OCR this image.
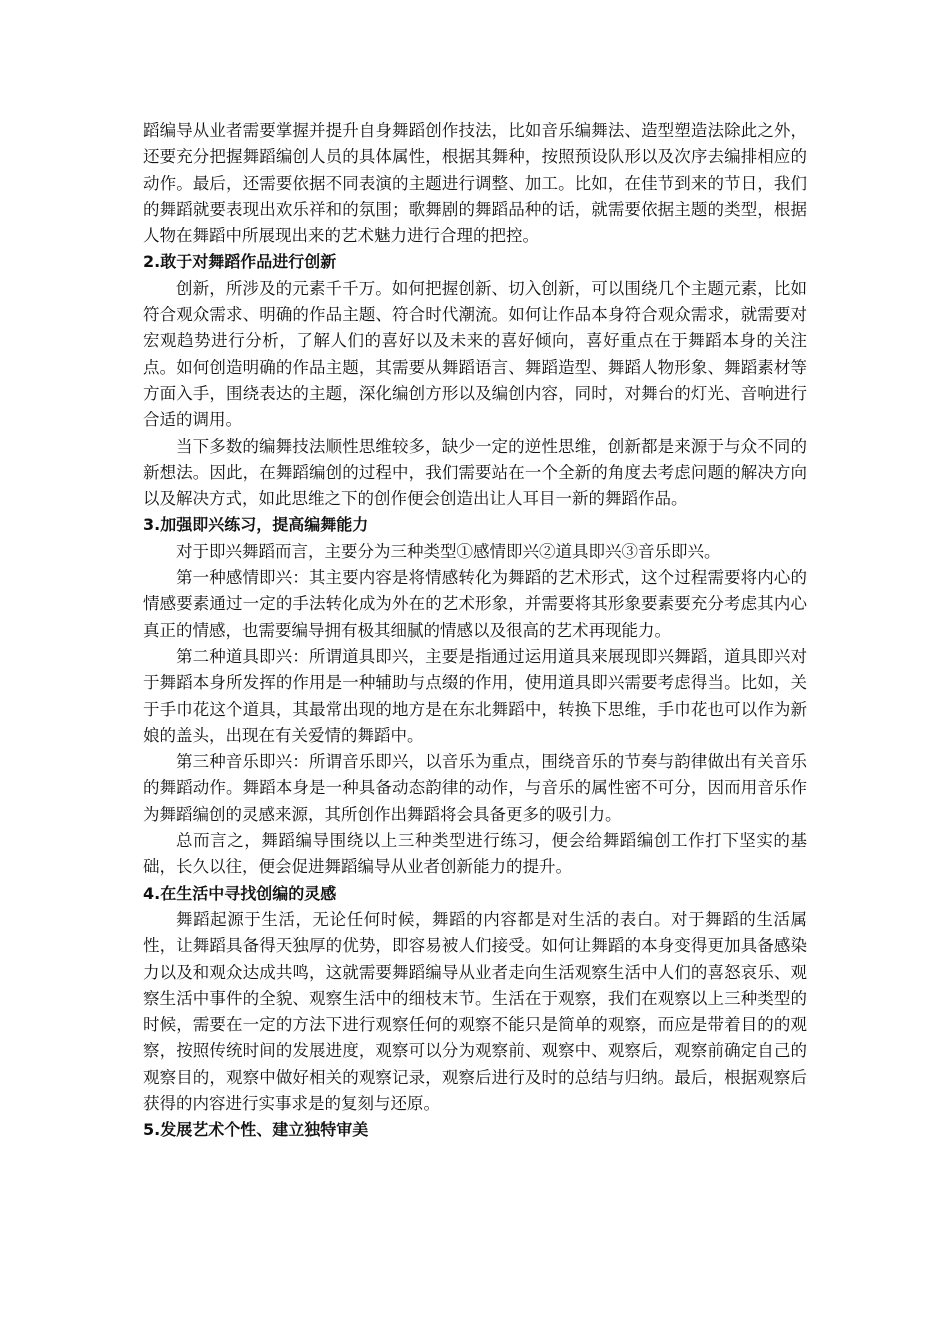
蹈编导从业者需要掌握并提升自身舞蹈创作技法，比如音乐编舞法、造型塑造法除此之外，还要充分把握舞蹈编创人员的具体属性，根据其舞种，按照预设队形以及次序去编排相应的动作。最后，还需要依据不同表演的主题进行调整、加工。比如，在佳节到来的节日，我们的舞蹈就要表现出欢乐祥和的氛围；歌舞剧的舞蹈品种的话，就需要依据主题的类型，根据人物在舞蹈中所展现出来的艺术魅力进行合理的把控。

2.敢于对舞蹈作品进行创新

创新，所涉及的元素千千万。如何把握创新、切入创新，可以围绕几个主题元素，比如符合观众需求、明确的作品主题、符合时代潮流。如何让作品本身符合观众需求，就需要对宏观趋势进行分析，了解人们的喜好以及未来的喜好倾向，喜好重点在于舞蹈本身的关注点。如何创造明确的作品主题，其需要从舞蹈语言、舞蹈造型、舞蹈人物形象、舞蹈素材等方面入手，围绕表达的主题，深化编创方形以及编创内容，同时，对舞台的灯光、音响进行合适的调用。

当下多数的编舞技法顺性思维较多，缺少一定的逆性思维，创新都是来源于与众不同的新想法。因此，在舞蹈编创的过程中，我们需要站在一个全新的角度去考虑问题的解决方向以及解决方式，如此思维之下的创作便会创造出让人耳目一新的舞蹈作品。

3.加强即兴练习，提高编舞能力

对于即兴舞蹈而言，主要分为三种类型①感情即兴②道具即兴③音乐即兴。

第一种感情即兴：其主要内容是将情感转化为舞蹈的艺术形式，这个过程需要将内心的情感要素通过一定的手法转化成为外在的艺术形象，并需要将其形象要素要充分考虑其内心真正的情感，也需要编导拥有极其细腻的情感以及很高的艺术再现能力。

第二种道具即兴：所谓道具即兴，主要是指通过运用道具来展现即兴舞蹈，道具即兴对于舞蹈本身所发挥的作用是一种辅助与点缀的作用，使用道具即兴需要考虑得当。比如，关于手巾花这个道具，其最常出现的地方是在东北舞蹈中，转换下思维，手巾花也可以作为新娘的盖头，出现在有关爱情的舞蹈中。

第三种音乐即兴：所谓音乐即兴，以音乐为重点，围绕音乐的节奏与韵律做出有关音乐的舞蹈动作。舞蹈本身是一种具备动态韵律的动作，与音乐的属性密不可分，因而用音乐作为舞蹈编创的灵感来源，其所创作出舞蹈将会具备更多的吸引力。

总而言之，舞蹈编导围绕以上三种类型进行练习，便会给舞蹈编创工作打下坚实的基础，长久以往，便会促进舞蹈编导从业者创新能力的提升。

4.在生活中寻找创编的灵感

舞蹈起源于生活，无论任何时候，舞蹈的内容都是对生活的表白。对于舞蹈的生活属性，让舞蹈具备得天独厚的优势，即容易被人们接受。如何让舞蹈的本身变得更加具备感染力以及和观众达成共鸣，这就需要舞蹈编导从业者走向生活观察生活中人们的喜怒哀乐、观察生活中事件的全貌、观察生活中的细枝末节。生活在于观察，我们在观察以上三种类型的时候，需要在一定的方法下进行观察任何的观察不能只是简单的观察，而应是带着目的的观察，按照传统时间的发展进度，观察可以分为观察前、观察中、观察后，观察前确定自己的观察目的，观察中做好相关的观察记录，观察后进行及时的总结与归纳。最后，根据观察后获得的内容进行实事求是的复刻与还原。

5.发展艺术个性、建立独特审美
